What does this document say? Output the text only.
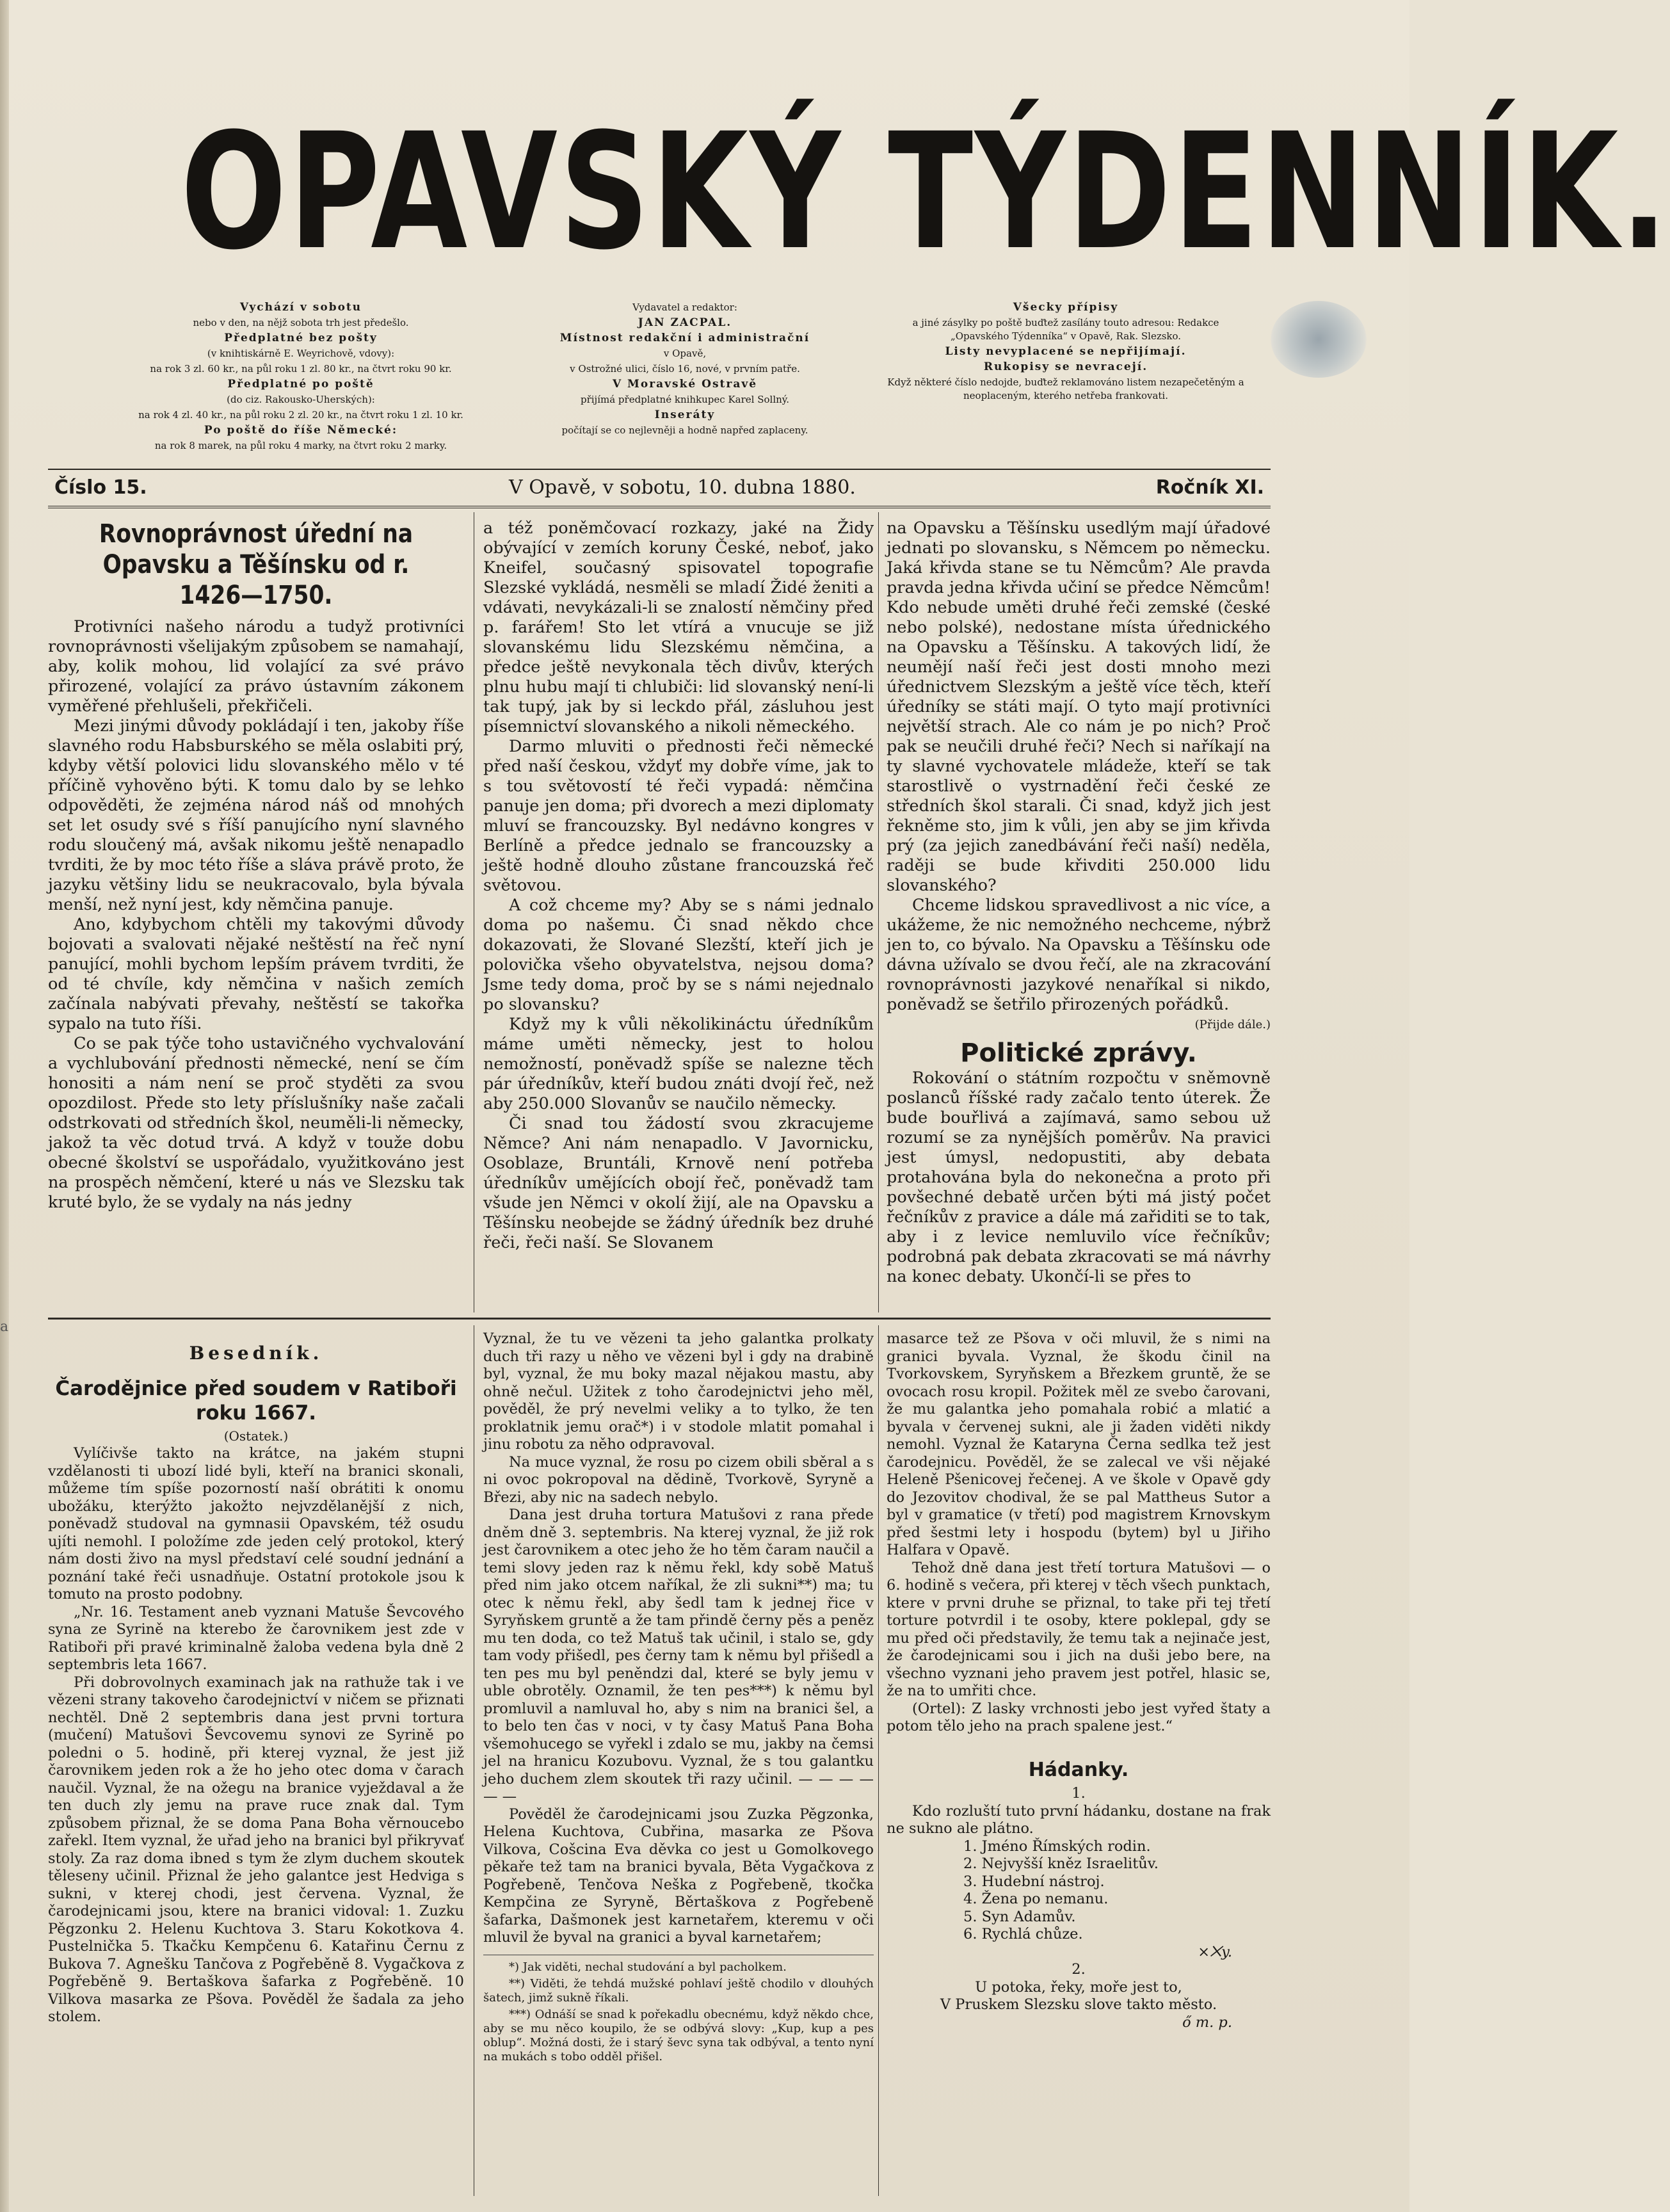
a
OPAVSKÝ TÝDENNÍK.

Vychází v sobotu

nebo v den, na nějž sobota trh jest předešlo.

Předplatné bez pošty

(v knihtiskárně E. Weyrichově, vdovy):

na rok 3 zl. 60 kr., na půl roku 1 zl. 80 kr., na čtvrt roku 90 kr.

Předplatné po poště

(do ciz. Rakousko-Uherských):

na rok 4 zl. 40 kr., na půl roku 2 zl. 20 kr., na čtvrt roku 1 zl. 10 kr.

Po poště do říše Německé:

na rok 8 marek, na půl roku 4 marky, na čtvrt roku 2 marky.

Vydavatel a redaktor:

JAN ZACPAL.

Místnost redakční i administrační

v Opavě,

v Ostrožné ulici, číslo 16, nové, v prvním patře.

V Moravské Ostravě

přijímá předplatné knihkupec Karel Sollný.

Inseráty

počítají se co nejlevněji a hodně napřed zaplaceny.

Všecky přípisy

a jiné zásylky po poště buďtež zasílány touto adresou: Redakce „Opavského Týdenníka“ v Opavě, Rak. Slezsko.

Listy nevyplacené se nepřijímají.

Rukopisy se nevracejí.

Když některé číslo nedojde, buďtež reklamováno listem nezapečetěným a neoplaceným, kterého netřeba frankovati.

Číslo 15.	V Opavě, v sobotu, 10. dubna 1880.	Ročník XI.
Rovnoprávnost úřední na Opavsku a Těšínsku od r. 1426—1750.

Protivníci našeho národu a tudyž protivníci rovnoprávnosti všelijakým způsobem se namahají, aby, kolik mohou, lid volající za své právo přirozené, volající za právo ústavním zákonem vyměřené přehlušeli, překřičeli.

Mezi jinými důvody pokládají i ten, jakoby říše slavného rodu Habsburského se měla oslabiti prý, kdyby větší polovici lidu slovanského mělo v té příčině vyhověno býti. K tomu dalo by se lehko odpověděti, že zejména národ náš od mnohých set let osudy své s říší panujícího nyní slavného rodu sloučený má, avšak nikomu ještě nenapadlo tvrditi, že by moc této říše a sláva právě proto, že jazyku většiny lidu se neukracovalo, byla bývala menší, než nyní jest, kdy němčina panuje.

Ano, kdybychom chtěli my takovými důvody bojovati a svalovati nějaké neštěstí na řeč nyní panující, mohli bychom lepším právem tvrditi, že od té chvíle, kdy němčina v našich zemích začínala nabývati převahy, neštěstí se takořka sypalo na tuto říši.

Co se pak týče toho ustavičného vychvalování a vychlubování přednosti německé, není se čím honositi a nám není se proč styděti za svou opozdilost. Přede sto lety příslušníky naše začali odstrkovati od středních škol, neuměli-li německy, jakož ta věc dotud trvá. A když v touže dobu obecné školství se uspořádalo, využitkováno jest na prospěch němčení, které u nás ve Slezsku tak kruté bylo, že se vydaly na nás jedny

a též poněmčovací rozkazy, jaké na Židy obývající v zemích koruny České, neboť, jako Kneifel, současný spisovatel topografie Slezské vykládá, nesměli se mladí Židé ženiti a vdávati, nevykázali-li se znalostí němčiny před p. farářem! Sto let vtírá a vnucuje se již slovanskému lidu Slezskému němčina, a předce ještě nevykonala těch divův, kterých plnu hubu mají ti chlubiči: lid slovanský není-li tak tupý, jak by si leckdo přál, zásluhou jest písemnictví slovanského a nikoli německého.

Darmo mluviti o přednosti řeči německé před naší českou, vždyť my dobře víme, jak to s tou světovostí té řeči vypadá: němčina panuje jen doma; při dvorech a mezi diplomaty mluví se francouzsky. Byl nedávno kongres v Berlíně a předce jednalo se francouzsky a ještě hodně dlouho zůstane francouzská řeč světovou.

A což chceme my? Aby se s námi jednalo doma po našemu. Či snad někdo chce dokazovati, že Slované Slezští, kteří jich je polovička všeho obyvatelstva, nejsou doma? Jsme tedy doma, proč by se s námi nejednalo po slovansku?

Když my k vůli několikináctu úředníkům máme uměti německy, jest to holou nemožností, poněvadž spíše se nalezne těch pár úředníkův, kteří budou znáti dvojí řeč, než aby 250.000 Slovanův se naučilo německy.

Či snad tou žádostí svou zkracujeme Němce? Ani nám nenapadlo. V Javornicku, Osoblaze, Bruntáli, Krnově není potřeba úředníkův umějících obojí řeč, poněvadž tam všude jen Němci v okolí žijí, ale na Opavsku a Těšínsku neobejde se žádný úředník bez druhé řeči, řeči naší. Se Slovanem

na Opavsku a Těšínsku usedlým mají úřadové jednati po slovansku, s Němcem po německu. Jaká křivda stane se tu Němcům? Ale pravda pravda jedna křivda učiní se předce Němcům! Kdo nebude uměti druhé řeči zemské (české nebo polské), nedostane místa úřednického na Opavsku a Těšínsku. A takových lidí, že neumějí naší řeči jest dosti mnoho mezi úřednictvem Slezským a ještě více těch, kteří úředníky se státi mají. O tyto mají protivníci největší strach. Ale co nám je po nich? Proč pak se neučili druhé řeči? Nech si naříkají na ty slavné vychovatele mládeže, kteří se tak starostlivě o vystrnadění řeči české ze středních škol starali. Či snad, když jich jest řekněme sto, jim k vůli, jen aby se jim křivda prý (za jejich zanedbávání řeči naší) neděla, raději se bude křivditi 250.000 lidu slovanského?

Chceme lidskou spravedlivost a nic více, a ukážeme, že nic nemožného nechceme, nýbrž jen to, co bývalo. Na Opavsku a Těšínsku ode dávna užívalo se dvou řečí, ale na zkracování rovnoprávnosti jazykové nenaříkal si nikdo, poněvadž se šetřilo přirozených pořádků.

(Přijde dále.)

Politické zprávy.

Rokování o státním rozpočtu v sněmovně poslanců říšské rady začalo tento úterek. Že bude bouřlivá a zajímavá, samo sebou už rozumí se za nynějších poměrův. Na pravici jest úmysl, nedopustiti, aby debata protahována byla do nekonečna a proto při povšechné debatě určen býti má jistý počet řečníkův z pravice a dále má zařiditi se to tak, aby i z levice nemluvilo více řečníkův; podrobná pak debata zkracovati se má návrhy na konec debaty. Ukončí-li se přes to

Besedník.
Čarodějnice před soudem v Ratiboři roku 1667.
(Ostatek.)

Vylíčivše takto na krátce, na jakém stupni vzdělanosti ti ubozí lidé byli, kteří na branici skonali, můžeme tím spíše pozorností naší obrátiti k onomu ubožáku, kterýžto jakožto nejvzdělanější z nich, poněvadž studoval na gymnasii Opavském, též osudu ujíti nemohl. I položíme zde jeden celý protokol, který nám dosti živo na mysl představí celé soudní jednání a poznání také řeči usnadňuje. Ostatní protokole jsou k tomuto na prosto podobny.

„Nr. 16. Testament aneb vyznani Matuše Ševcového syna ze Syrině na kterebo že čarovnikem jest zde v Ratiboři při pravé kriminalně žaloba vedena byla dně 2 septembris leta 1667.

Při dobrovolnych examinach jak na rathuže tak i ve vězeni strany takoveho čarodejnictví v ničem se přiznati nechtěl. Dně 2 septembris dana jest prvni tortura (mučení) Matušovi Ševcovemu synovi ze Syrině po poledni o 5. hodině, při kterej vyznal, že jest již čarovnikem jeden rok a že ho jeho otec doma v čarach naučil. Vyznal, že na ožegu na branice vyježdaval a že ten duch zly jemu na prave ruce znak dal. Tym způsobem přiznal, že se doma Pana Boha věrnoucebo zařekl. Item vyznal, že uřad jeho na branici byl přikryvať stoly. Za raz doma ibned s tym že zlym duchem skoutek těleseny učinil. Přiznal že jeho galantce jest Hedviga s sukni, v kterej chodi, jest červena. Vyznal, že čarodejnicami jsou, ktere na branici vidoval: 1. Zuzku Pěgzonku 2. Helenu Kuchtova 3. Staru Kokotkova 4. Pustelnička 5. Tkačku Kempčenu 6. Katařinu Černu z Bukova 7. Agnešku Tančova z Pogřeběně 8. Vygačkova z Pogřeběně 9. Bertaškova šafarka z Pogřeběně. 10 Vilkova masarka ze Pšova. Pověděl že šadala za jeho stolem.

Vyznal, že tu ve vězeni ta jeho galantka prolkaty duch tři razy u něho ve vězeni byl i gdy na drabině byl, vyznal, že mu boky mazal nějakou mastu, aby ohně nečul. Užitek z toho čarodejnictvi jeho měl, pověděl, že prý nevelmi veliky a to tylko, že ten proklatnik jemu orač*) i v stodole mlatit pomahal i jinu robotu za něho odpravoval.

Na muce vyznal, že rosu po cizem obili sběral a s ni ovoc pokropoval na dědině, Tvorkově, Syryně a Březi, aby nic na sadech nebylo.

Dana jest druha tortura Matušovi z rana přede dněm dně 3. septembris. Na kterej vyznal, že již rok jest čarovnikem a otec jeho že ho těm čaram naučil a temi slovy jeden raz k němu řekl, kdy sobě Matuš před nim jako otcem naříkal, že zli sukni**) ma; tu otec k němu řekl, aby šedl tam k jednej řice v Syryňskem gruntě a že tam přindě černy pěs a peněz mu ten doda, co tež Matuš tak učinil, i stalo se, gdy tam vody přišedl, pes černy tam k němu byl přišedl a ten pes mu byl peněndzi dal, které se byly jemu v uble obrotěly. Oznamil, že ten pes***) k němu byl promluvil a namluval ho, aby s nim na branici šel, a to belo ten čas v noci, v ty časy Matuš Pana Boha všemohucego se vyřekl i zdalo se mu, jakby na čemsi jel na hranicu Kozubovu. Vyznal, že s tou galantku jeho duchem zlem skoutek tři razy učinil. — — — — — —

Pověděl že čarodejnicami jsou Zuzka Pěgzonka, Helena Kuchtova, Cubřina, masarka ze Pšova Vilkova, Cošcina Eva děvka co jest u Gomolkovego pěkaře tež tam na branici byvala, Běta Vygačkova z Pogřebeně, Tenčova Neška z Pogřebeně, tkočka Kempčina ze Syryně, Běrtaškova z Pogřebeně šafarka, Dašmonek jest karnetařem, kteremu v oči mluvil že byval na granici a byval karnetařem;

*) Jak viděti, nechal studování a byl pacholkem.

**) Viděti, že tehdá mužské pohlaví ještě chodilo v dlouhých šatech, jimž sukně říkali.

***) Odnáší se snad k pořekadlu obecnému, když někdo chce, aby se mu něco koupilo, že se odbývá slovy: „Kup, kup a pes oblup“. Možná dosti, že i starý ševc syna tak odbýval, a tento nyní na mukách s tobo odděl přišel.

masarce tež ze Pšova v oči mluvil, že s nimi na granici byvala. Vyznal, že škodu činil na Tvorkovskem, Syryňskem a Březkem gruntě, že se ovocach rosu kropil. Požitek měl ze svebo čarovani, že mu galantka jeho pomahala robić a mlatić a byvala v červenej sukni, ale ji žaden viděti nikdy nemohl. Vyznal že Kataryna Černa sedlka tež jest čarodejnicu. Pověděl, že se zalecal ve vši nějaké Heleně Pšenicovej řečenej. A ve škole v Opavě gdy do Jezovitov chodival, že se pal Mattheus Sutor a byl v gramatice (v třetí) pod magistrem Krnovskym před šestmi lety i hospodu (bytem) byl u Jiřiho Halfara v Opavě.

Tehož dně dana jest třetí tortura Matušovi — o 6. hodině s večera, při kterej v těch všech punktach, ktere v prvni druhe se přiznal, to take při tej třetí torture potvrdil i te osoby, ktere poklepal, gdy se mu před oči představily, že temu tak a nejinače jest, že čarodejnicami sou i jich na duši jebo bere, na všechno vyznani jeho pravem jest potřel, hlasic se, že na to umřiti chce.

(Ortel): Z lasky vrchnosti jebo jest vyřed štaty a potom tělo jeho na prach spalene jest.“

Hádanky.

1.

Kdo rozluští tuto první hádanku, dostane na frak ne sukno ale plátno.

1. Jméno Římských rodin.
2. Nejvyšší kněz Israelitův.
3. Hudební nástroj.
4. Žena po nemanu.
5. Syn Adamův.
6. Rychlá chůze.

×⨉y.

2.

U potoka, řeky, moře jest to,

V Pruskem Slezsku slove takto město.

ő m. p.
